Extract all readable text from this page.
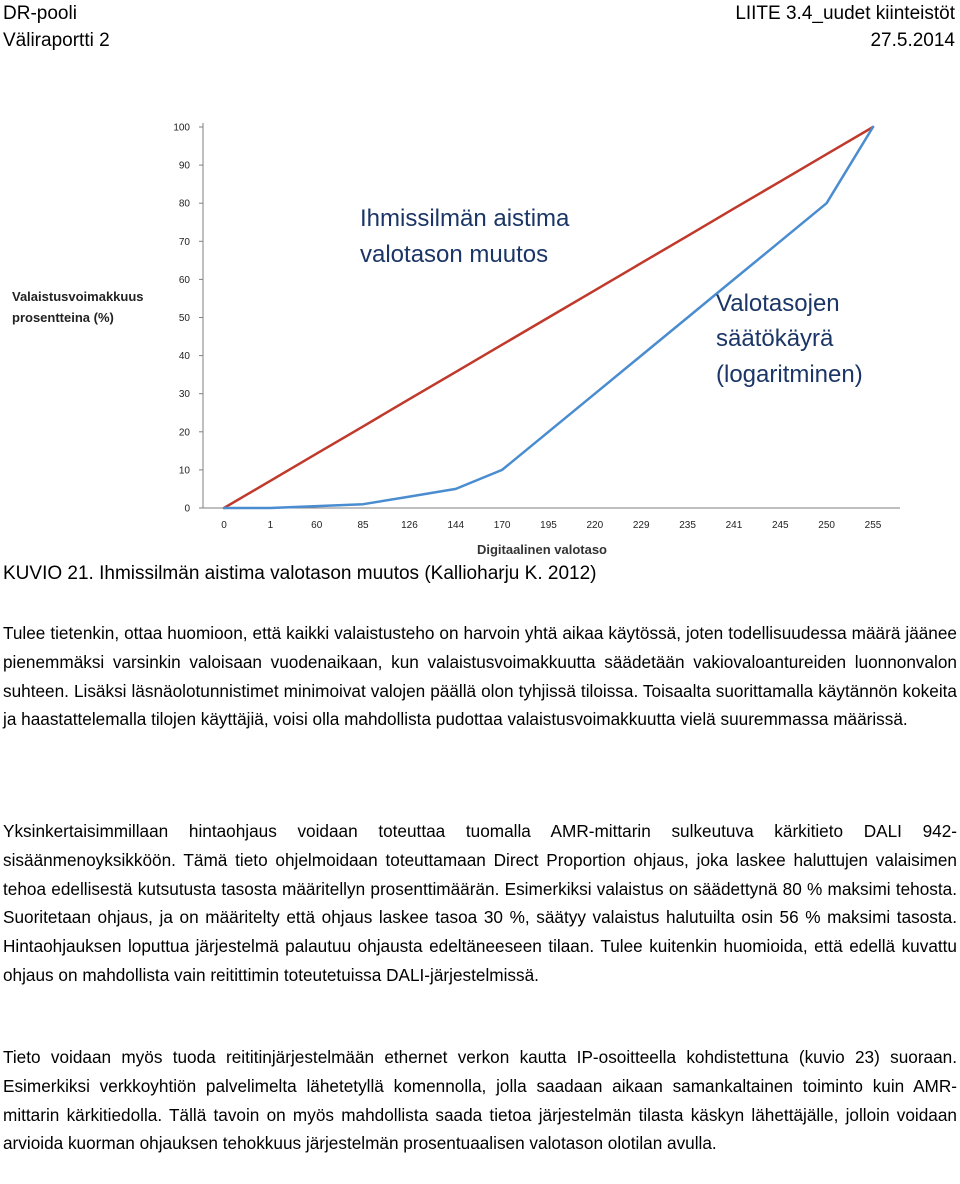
DR-pooli
Väliraportti 2
LIITE 3.4_uudet kiinteistöt
27.5.2014
0
10
20
30
40
50
60
70
80
90
100
0	1	60	85	126	144	170	195	220	229	235	241	245	250	255
Valaistusvoimakkuus
prosentteina (%)
Ihmissilmän aistima
valotason muutos
Valotasojen
säätökäyrä
(logaritminen)
Digitaalinen valotaso
KUVIO 21. Ihmissilmän aistima valotason muutos (Kallioharju K. 2012)

Tulee tietenkin, ottaa huomioon, että kaikki valaistusteho on harvoin yhtä aikaa käytössä, joten todellisuudessa määrä jäänee pienemmäksi varsinkin valoisaan vuodenaikaan, kun valaistusvoimakkuutta säädetään vakiovaloantureiden luonnonvalon suhteen. Lisäksi läsnäolotunnistimet minimoivat valojen päällä olon tyhjissä tiloissa. Toisaalta suorittamalla käytännön kokeita ja haastattelemalla tilojen käyttäjiä, voisi olla mahdollista pudottaa valaistusvoimakkuutta vielä suuremmassa määrissä.

Yksinkertaisimmillaan hintaohjaus voidaan toteuttaa tuomalla AMR-mittarin sulkeutuva kärkitieto DALI 942-sisäänmenoyksikköön. Tämä tieto ohjelmoidaan toteuttamaan Direct Proportion ohjaus, joka laskee haluttujen valaisimen tehoa edellisestä kutsutusta tasosta määritellyn prosenttimäärän. Esimerkiksi valaistus on säädettynä 80 % maksimi tehosta. Suoritetaan ohjaus, ja on määritelty että ohjaus laskee tasoa 30 %, säätyy valaistus halutuilta osin 56 % maksimi tasosta. Hintaohjauksen loputtua järjestelmä palautuu ohjausta edeltäneeseen tilaan. Tulee kuitenkin huomioida, että edellä kuvattu ohjaus on mahdollista vain reitittimin toteutetuissa DALI-järjestelmissä.

Tieto voidaan myös tuoda reititinjärjestelmään ethernet verkon kautta IP-osoitteella kohdistettuna (kuvio 23) suoraan. Esimerkiksi verkkoyhtiön palvelimelta lähetetyllä komennolla, jolla saadaan aikaan samankaltainen toiminto kuin AMR-mittarin kärkitiedolla. Tällä tavoin on myös mahdollista saada tietoa järjestelmän tilasta käskyn lähettäjälle, jolloin voidaan arvioida kuorman ohjauksen tehokkuus järjestelmän prosentuaalisen valotason olotilan avulla.
